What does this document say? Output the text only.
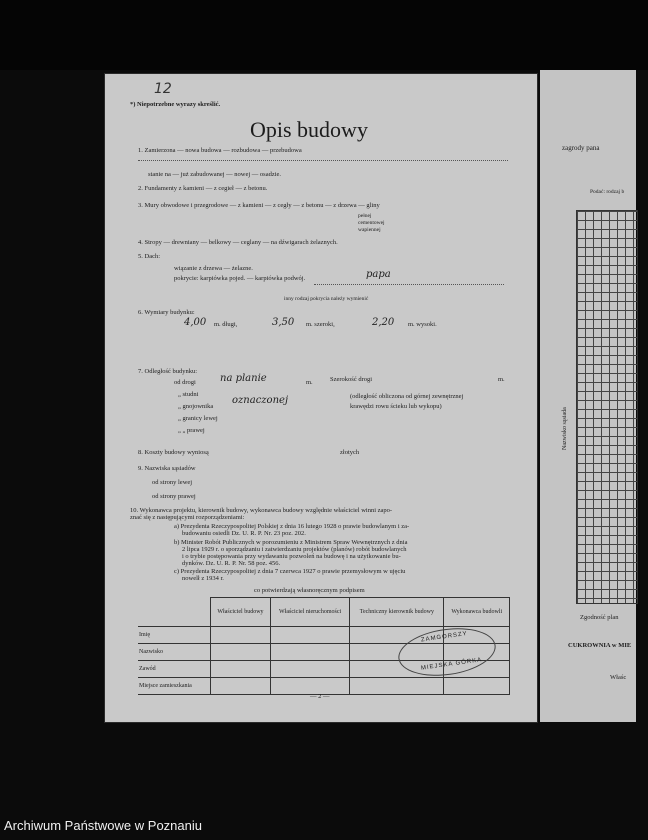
12
*) Niepotrzebne wyrazy skreślić.
Opis budowy
1. Zamierzona — nowa budowa — rozbudowa — przebudowa
stanie na — już zabudowanej — nowej — osadzie.
2. Fundamenty z kamieni — z cegieł — z betonu.
3. Mury obwodowe i przegrodowe — z kamieni — z cegły — z betonu — z drzewa — gliny
pełnej
cementowej
wapiennej
4. Stropy — drewniany — belkowy — ceglany — na dźwigarach żelaznych.
5. Dach:
wiązanie z drzewa — żelazne.
pokrycie: karpiówka pojed. — karpiówka podwój.	papa
inny rodzaj pokrycia należy wymienić
6. Wymiary budynku:
4,00 m. długi,	3,50 m. szeroki,	2,20 m. wysoki.
7. Odległość budynku:
od drogi na planie	m.
„ studni
„ gnojownika
oznaczonej
„ granicy lewej
„ „ prawej
Szerokość drogi	m.
(odległość obliczona od górnej zewnętrznej
krawędzi rowu ścieku lub wykopu)
8. Koszty budowy wyniosą	złotych
9. Nazwiska sąsiadów
od strony lewej
od strony prawej
10. Wykonawca projektu, kierownik budowy, wykonawca budowy względnie właściciel winni zapo-
znać się z następującymi rozporządzeniami:
a) Prezydenta Rzeczypospolitej Polskiej z dnia 16 lutego 1928 o prawie budowlanym i za-
budowaniu osiedli Dz. U. R. P. Nr. 23 poz. 202.
b) Minister Robót Publicznych w porozumieniu z Ministrem Spraw Wewnętrznych z dnia
2 lipca 1929 r. o sporządzaniu i zatwierdzaniu projektów (planów) robót budowlanych
i o trybie postępowania przy wydawaniu pozwoleń na budowę i na użytkowanie bu-
dynków. Dz. U. R. P. Nr. 58 poz. 456.
c) Prezydenta Rzeczypospolitej z dnia 7 czerwca 1927 o prawie przemysłowym w ujęciu
nowelł z 1934 r.
co potwierdzają własnoręcznym podpisem
	Właściciel budowy	Właściciel nieruchomości	Techniczny kierownik budowy	Wykonawca budowli
Imię				
Nazwisko				
Zawód				
Miejsce zamieszkania				
ZAMGORSZY
MIEJSKA GÓRKA
— 2 —
zagrody pana
Podać: rodzaj b
Nazwisko sąsiada
Zgodność plan
CUKROWNIA w MIE
Właśc
Archiwum Państwowe w Poznaniu
